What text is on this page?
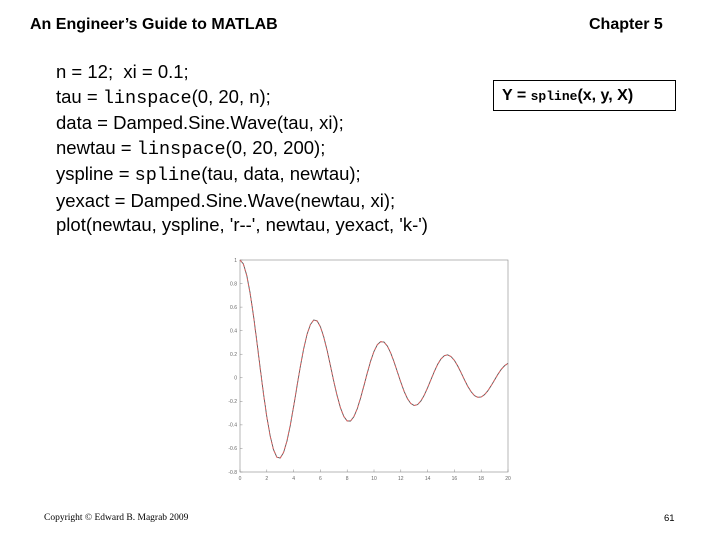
An Engineer’s Guide to MATLAB	Chapter 5
n = 12;  xi = 0.1;
tau = linspace(0, 20, n);
data = Damped.Sine.Wave(tau, xi);
newtau = linspace(0, 20, 200);
yspline = spline(tau, data, newtau);
yexact = Damped.Sine.Wave(newtau, xi);
plot(newtau, yspline, 'r--', newtau, yexact, 'k-')
Y = spline(x, y, X)
0	2	4	6	8	10	12	14	16	18	20
1
0.8
0.6
0.4
0.2
0
-0.2
-0.4
-0.6
-0.8
Copyright © Edward B. Magrab 2009	61
